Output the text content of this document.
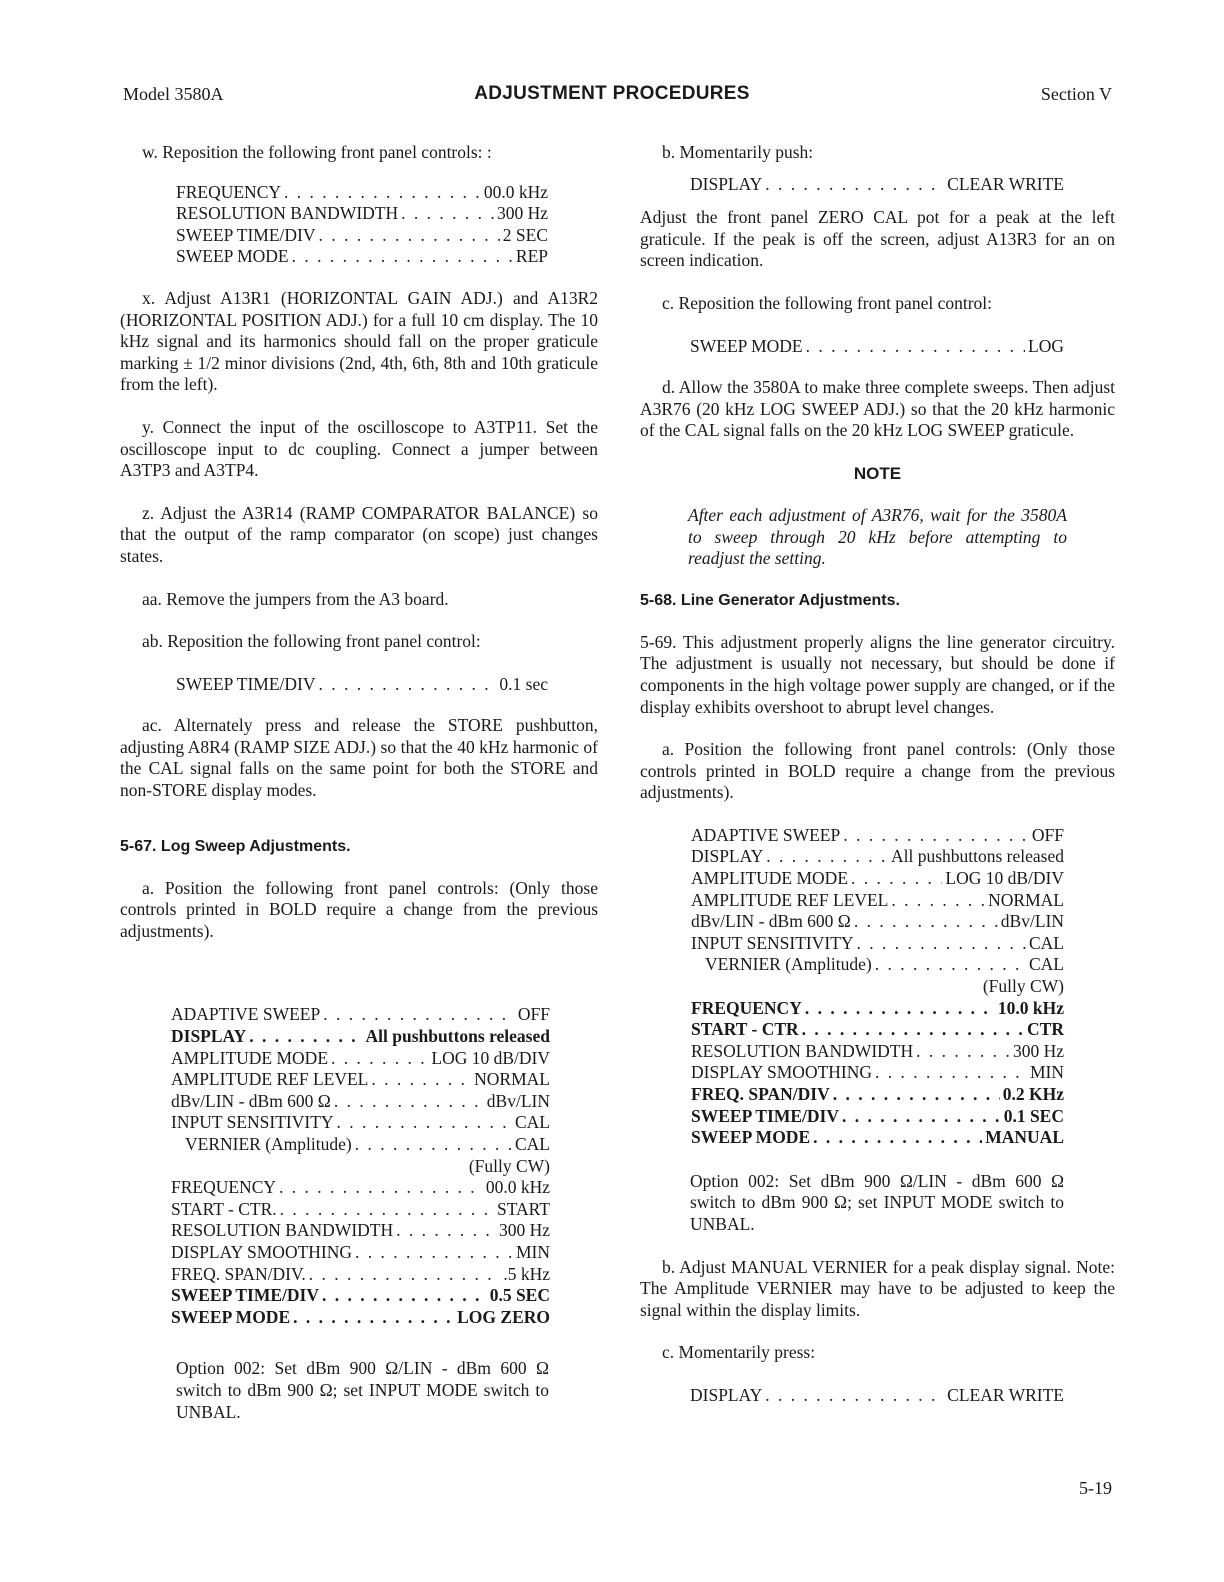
Model 3580A	ADJUSTMENT PROCEDURES	Section V

w. Reposition the following front panel controls: :

FREQUENCY . . .	00.0 kHz
RESOLUTION BANDWIDTH . . .	300 Hz
SWEEP TIME/DIV . . .	2 SEC
SWEEP MODE . . .	REP

x. Adjust A13R1 (HORIZONTAL GAIN ADJ.) and A13R2 (HORIZONTAL POSITION ADJ.) for a full 10 cm display. The 10 kHz signal and its harmonics should fall on the proper graticule marking ± 1/2 minor divisions (2nd, 4th, 6th, 8th and 10th graticule from the left).

y. Connect the input of the oscilloscope to A3TP11. Set the oscilloscope input to dc coupling. Connect a jumper between A3TP3 and A3TP4.

z. Adjust the A3R14 (RAMP COMPARATOR BALANCE) so that the output of the ramp comparator (on scope) just changes states.

aa. Remove the jumpers from the A3 board.

ab. Reposition the following front panel control:

SWEEP TIME/DIV . . .	0.1 sec

ac. Alternately press and release the STORE pushbutton, adjusting A8R4 (RAMP SIZE ADJ.) so that the 40 kHz harmonic of the CAL signal falls on the same point for both the STORE and non-STORE display modes.

5-67. Log Sweep Adjustments.

a. Position the following front panel controls: (Only those controls printed in BOLD require a change from the previous adjustments).

ADAPTIVE SWEEP . . .	OFF
DISPLAY . . .	All pushbuttons released
AMPLITUDE MODE . . .	LOG 10 dB/DIV
AMPLITUDE REF LEVEL . . .	NORMAL
dBv/LIN - dBm 600 Ω . . .	dBv/LIN
INPUT SENSITIVITY . . .	CAL
VERNIER (Amplitude) . . .	CAL
(Fully CW)
FREQUENCY . . .	00.0 kHz
START - CTR. . . .	START
RESOLUTION BANDWIDTH . . .	300 Hz
DISPLAY SMOOTHING . . .	MIN
FREQ. SPAN/DIV. . . .	.5 kHz
SWEEP TIME/DIV . . .	0.5 SEC
SWEEP MODE . . .	LOG ZERO

Option 002: Set dBm 900 Ω/LIN - dBm 600 Ω switch to dBm 900 Ω; set INPUT MODE switch to UNBAL.

b. Momentarily push:

DISPLAY . . .	CLEAR WRITE

Adjust the front panel ZERO CAL pot for a peak at the left graticule. If the peak is off the screen, adjust A13R3 for an on screen indication.

c. Reposition the following front panel control:

SWEEP MODE . . .	LOG

d. Allow the 3580A to make three complete sweeps. Then adjust A3R76 (20 kHz LOG SWEEP ADJ.) so that the 20 kHz harmonic of the CAL signal falls on the 20 kHz LOG SWEEP graticule.

NOTE

After each adjustment of A3R76, wait for the 3580A to sweep through 20 kHz before attempting to readjust the setting.

5-68. Line Generator Adjustments.

5-69. This adjustment properly aligns the line generator circuitry. The adjustment is usually not necessary, but should be done if components in the high voltage power supply are changed, or if the display exhibits overshoot to abrupt level changes.

a. Position the following front panel controls: (Only those controls printed in BOLD require a change from the previous adjustments).

ADAPTIVE SWEEP . . .	OFF
DISPLAY . . .	All pushbuttons released
AMPLITUDE MODE . . .	LOG 10 dB/DIV
AMPLITUDE REF LEVEL . . .	NORMAL
dBv/LIN - dBm 600 Ω . . .	dBv/LIN
INPUT SENSITIVITY . . .	CAL
VERNIER (Amplitude) . . .	CAL
(Fully CW)
FREQUENCY . . .	10.0 kHz
START - CTR . . .	CTR
RESOLUTION BANDWIDTH . . .	300 Hz
DISPLAY SMOOTHING . . .	MIN
FREQ. SPAN/DIV . . .	0.2 KHz
SWEEP TIME/DIV . . .	0.1 SEC
SWEEP MODE . . .	MANUAL

Option 002: Set dBm 900 Ω/LIN - dBm 600 Ω switch to dBm 900 Ω; set INPUT MODE switch to UNBAL.

b. Adjust MANUAL VERNIER for a peak display signal. Note: The Amplitude VERNIER may have to be adjusted to keep the signal within the display limits.

c. Momentarily press:

DISPLAY . . .	CLEAR WRITE
5-19
